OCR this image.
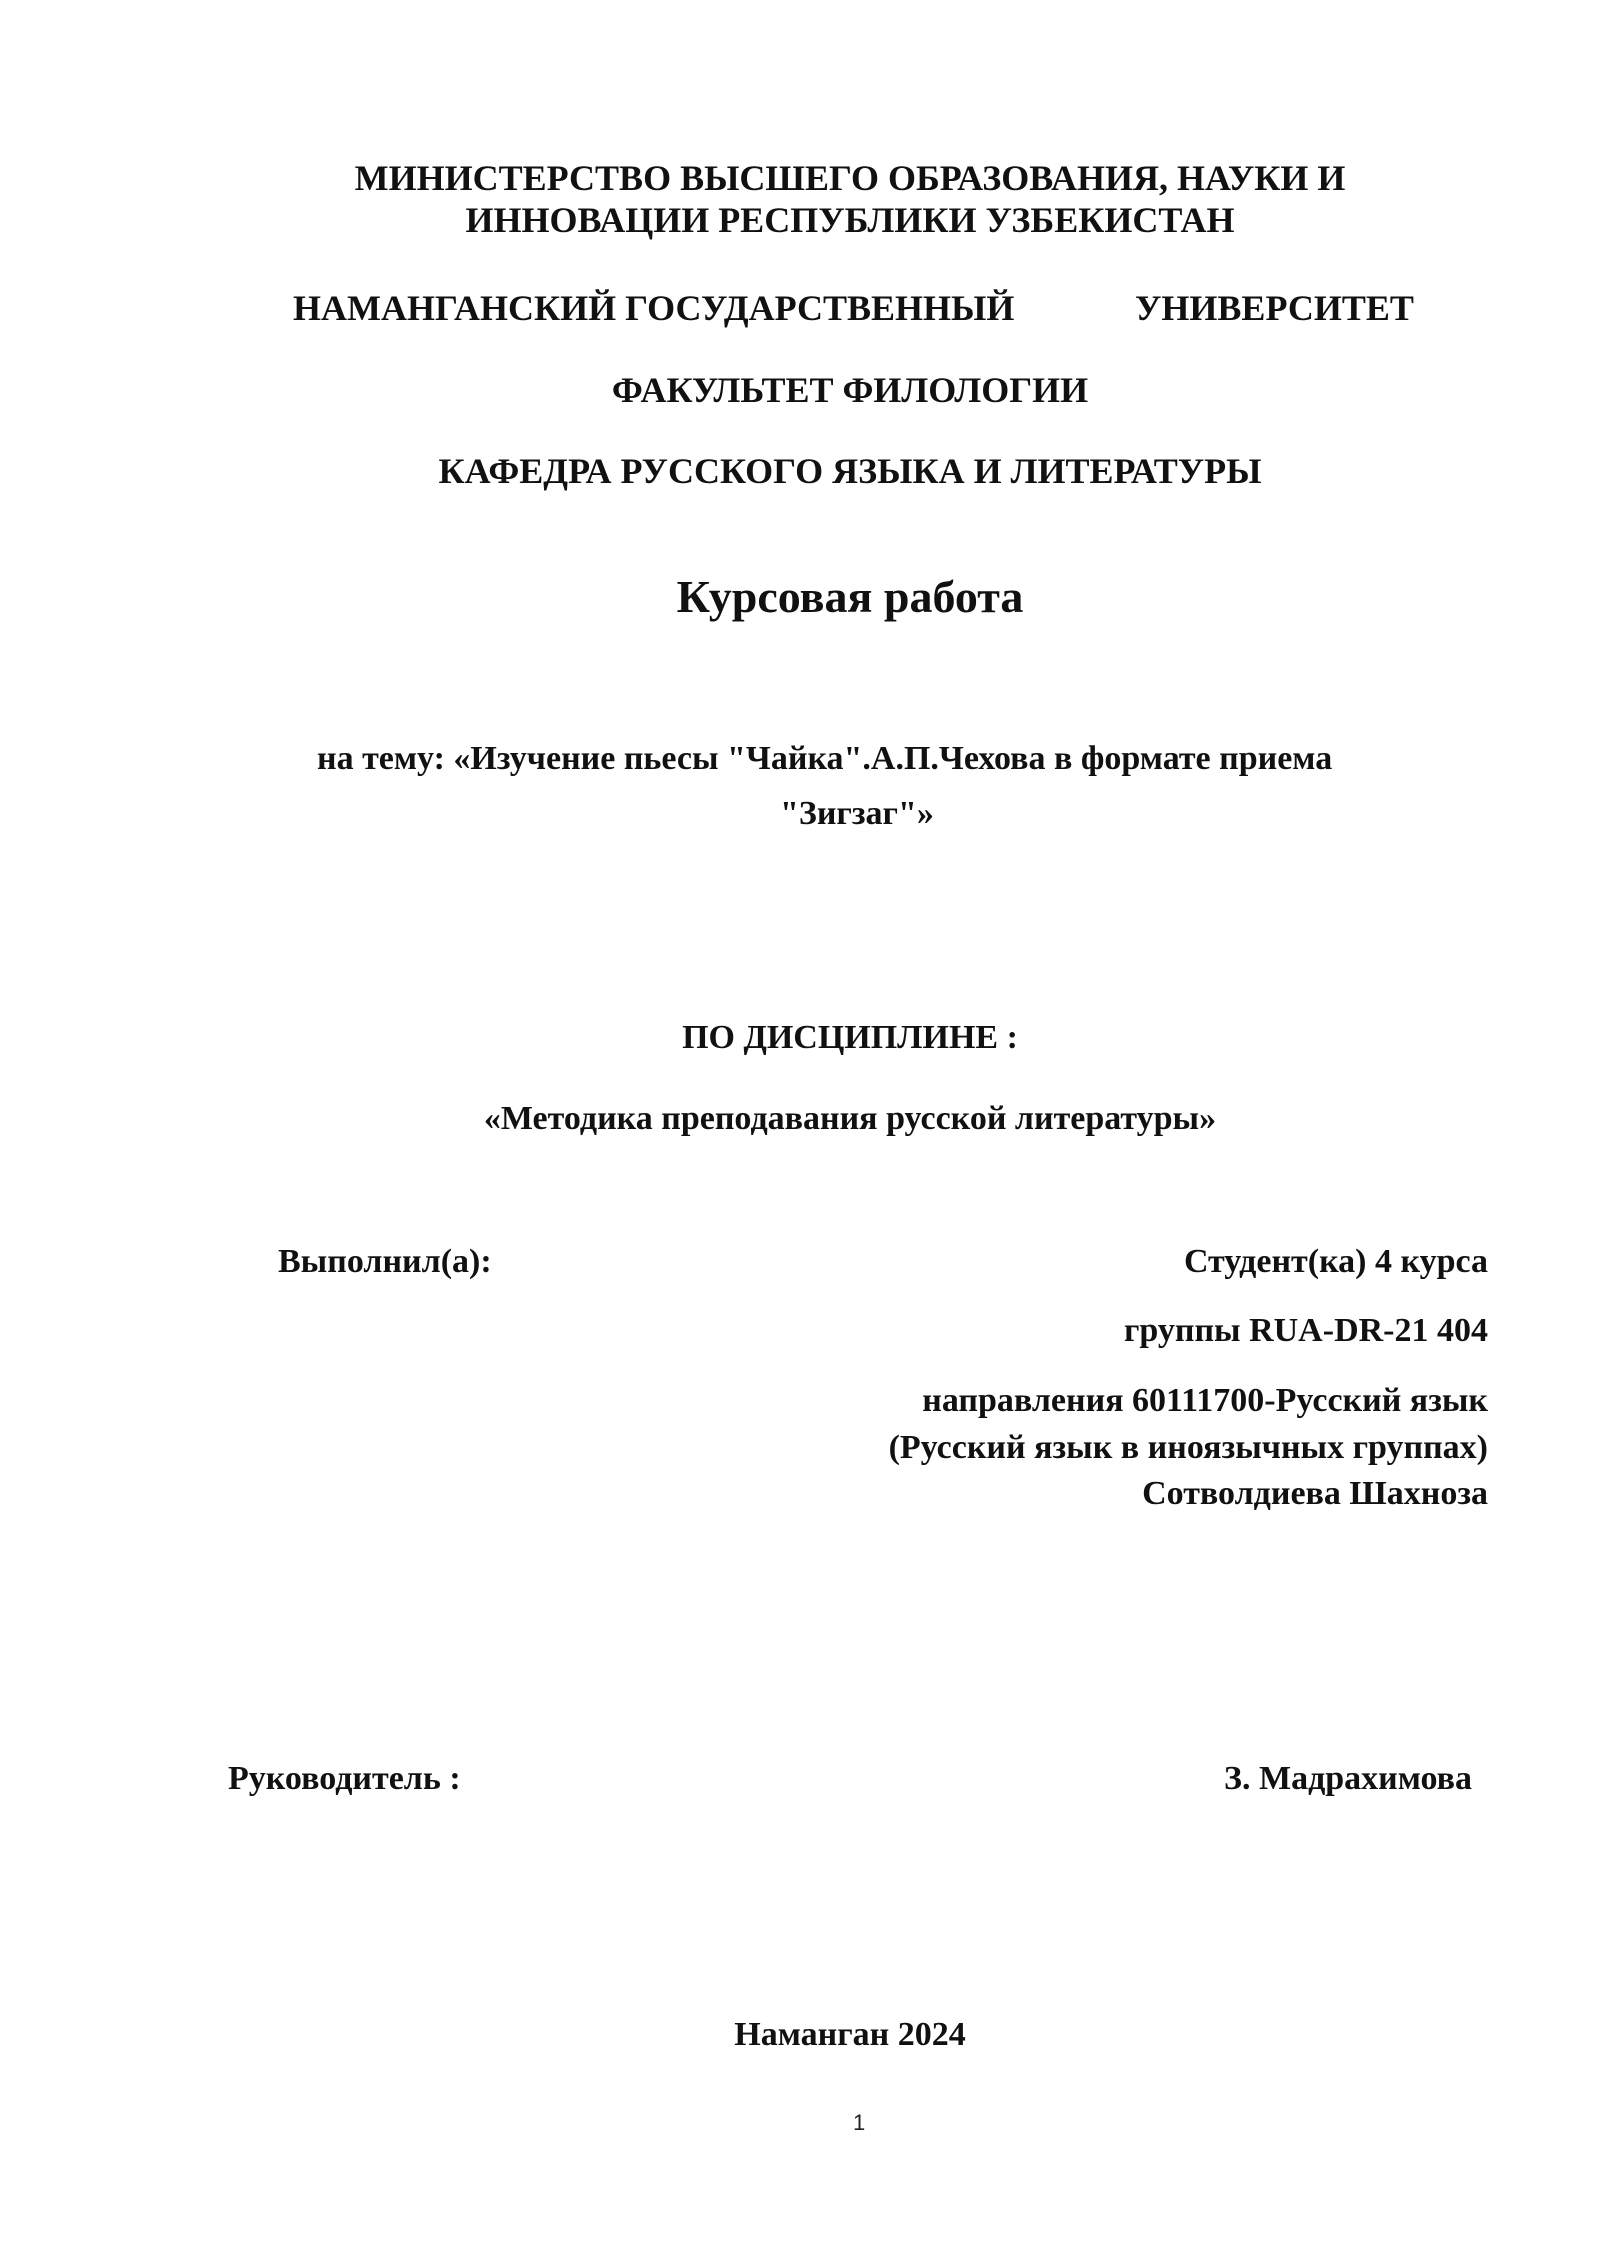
МИНИСТЕРСТВО ВЫСШЕГО ОБРАЗОВАНИЯ, НАУКИ И
ИННОВАЦИИ РЕСПУБЛИКИ УЗБЕКИСТАН
НАМАНГАНСКИЙ ГОСУДАРСТВЕННЫЙ	УНИВЕРСИТЕТ
ФАКУЛЬТЕТ ФИЛОЛОГИИ
КАФЕДРА РУССКОГО ЯЗЫКА И ЛИТЕРАТУРЫ
Курсовая работа
на тему: «Изучение пьесы "Чайка".А.П.Чехова в формате приема
"Зигзаг"»
ПО ДИСЦИПЛИНЕ :
«Методика преподавания русской литературы»
Выполнил(а):	Студент(ка) 4 курса
группы RUA-DR-21 404
направления 60111700-Русский язык
(Русский язык в иноязычных группах)
Сотволдиева Шахноза
Руководитель :	З. Мадрахимова
Наманган 2024
1
